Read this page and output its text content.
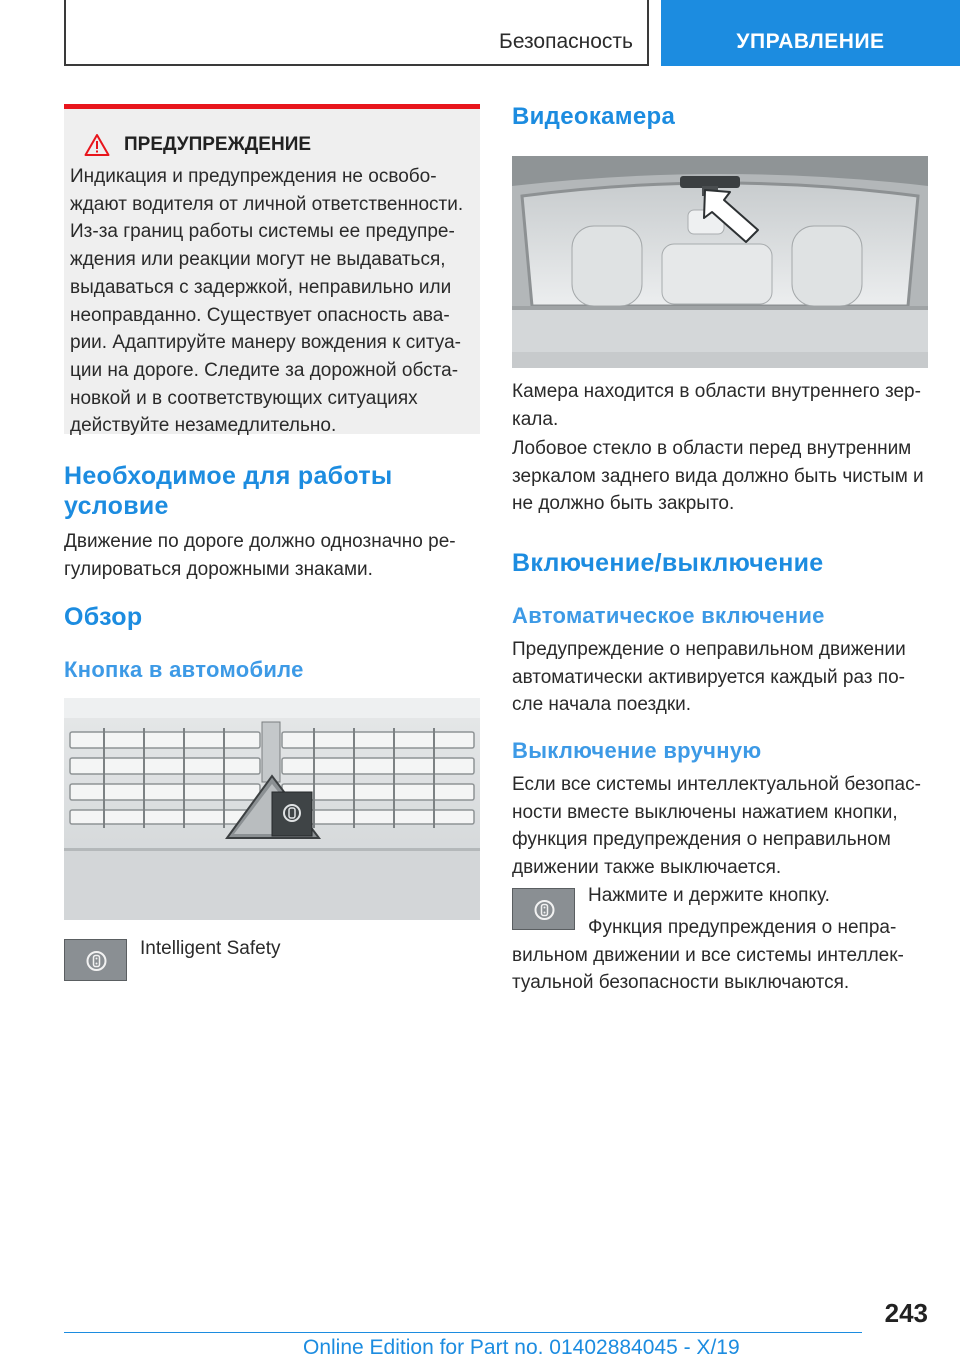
Безопасность	УПРАВЛЕНИЕ
ПРЕДУПРЕЖДЕНИЕ
Индикация и предупреждения не освобо-
ждают водителя от личной ответственности.
Из-за границ работы системы ее предупре-
ждения или реакции могут не выдаваться,
выдаваться с задержкой, неправильно или
неоправданно. Существует опасность ава-
рии. Адаптируйте манеру вождения к ситуа-
ции на дороге. Следите за дорожной обста-
новкой и в соответствующих ситуациях
действуйте незамедлительно.
Необходимое для работы
условие
Движение по дороге должно однозначно ре-
гулироваться дорожными знаками.
Обзор
Кнопка в автомобиле
Intelligent Safety
Видеокамера
Камера находится в области внутреннего зер-
кала.
Лобовое стекло в области перед внутренним
зеркалом заднего вида должно быть чистым и
не должно быть закрыто.
Включение/выключение
Автоматическое включение
Предупреждение о неправильном движении
автоматически активируется каждый раз по-
сле начала поездки.
Выключение вручную
Если все системы интеллектуальной безопас-
ности вместе выключены нажатием кнопки,
функция предупреждения о неправильном
движении также выключается.
Нажмите и держите кнопку.
Функция предупреждения о непра-
вильном движении и все системы интеллек-
туальной безопасности выключаются.
243
Online Edition for Part no. 01402884045 - X/19
